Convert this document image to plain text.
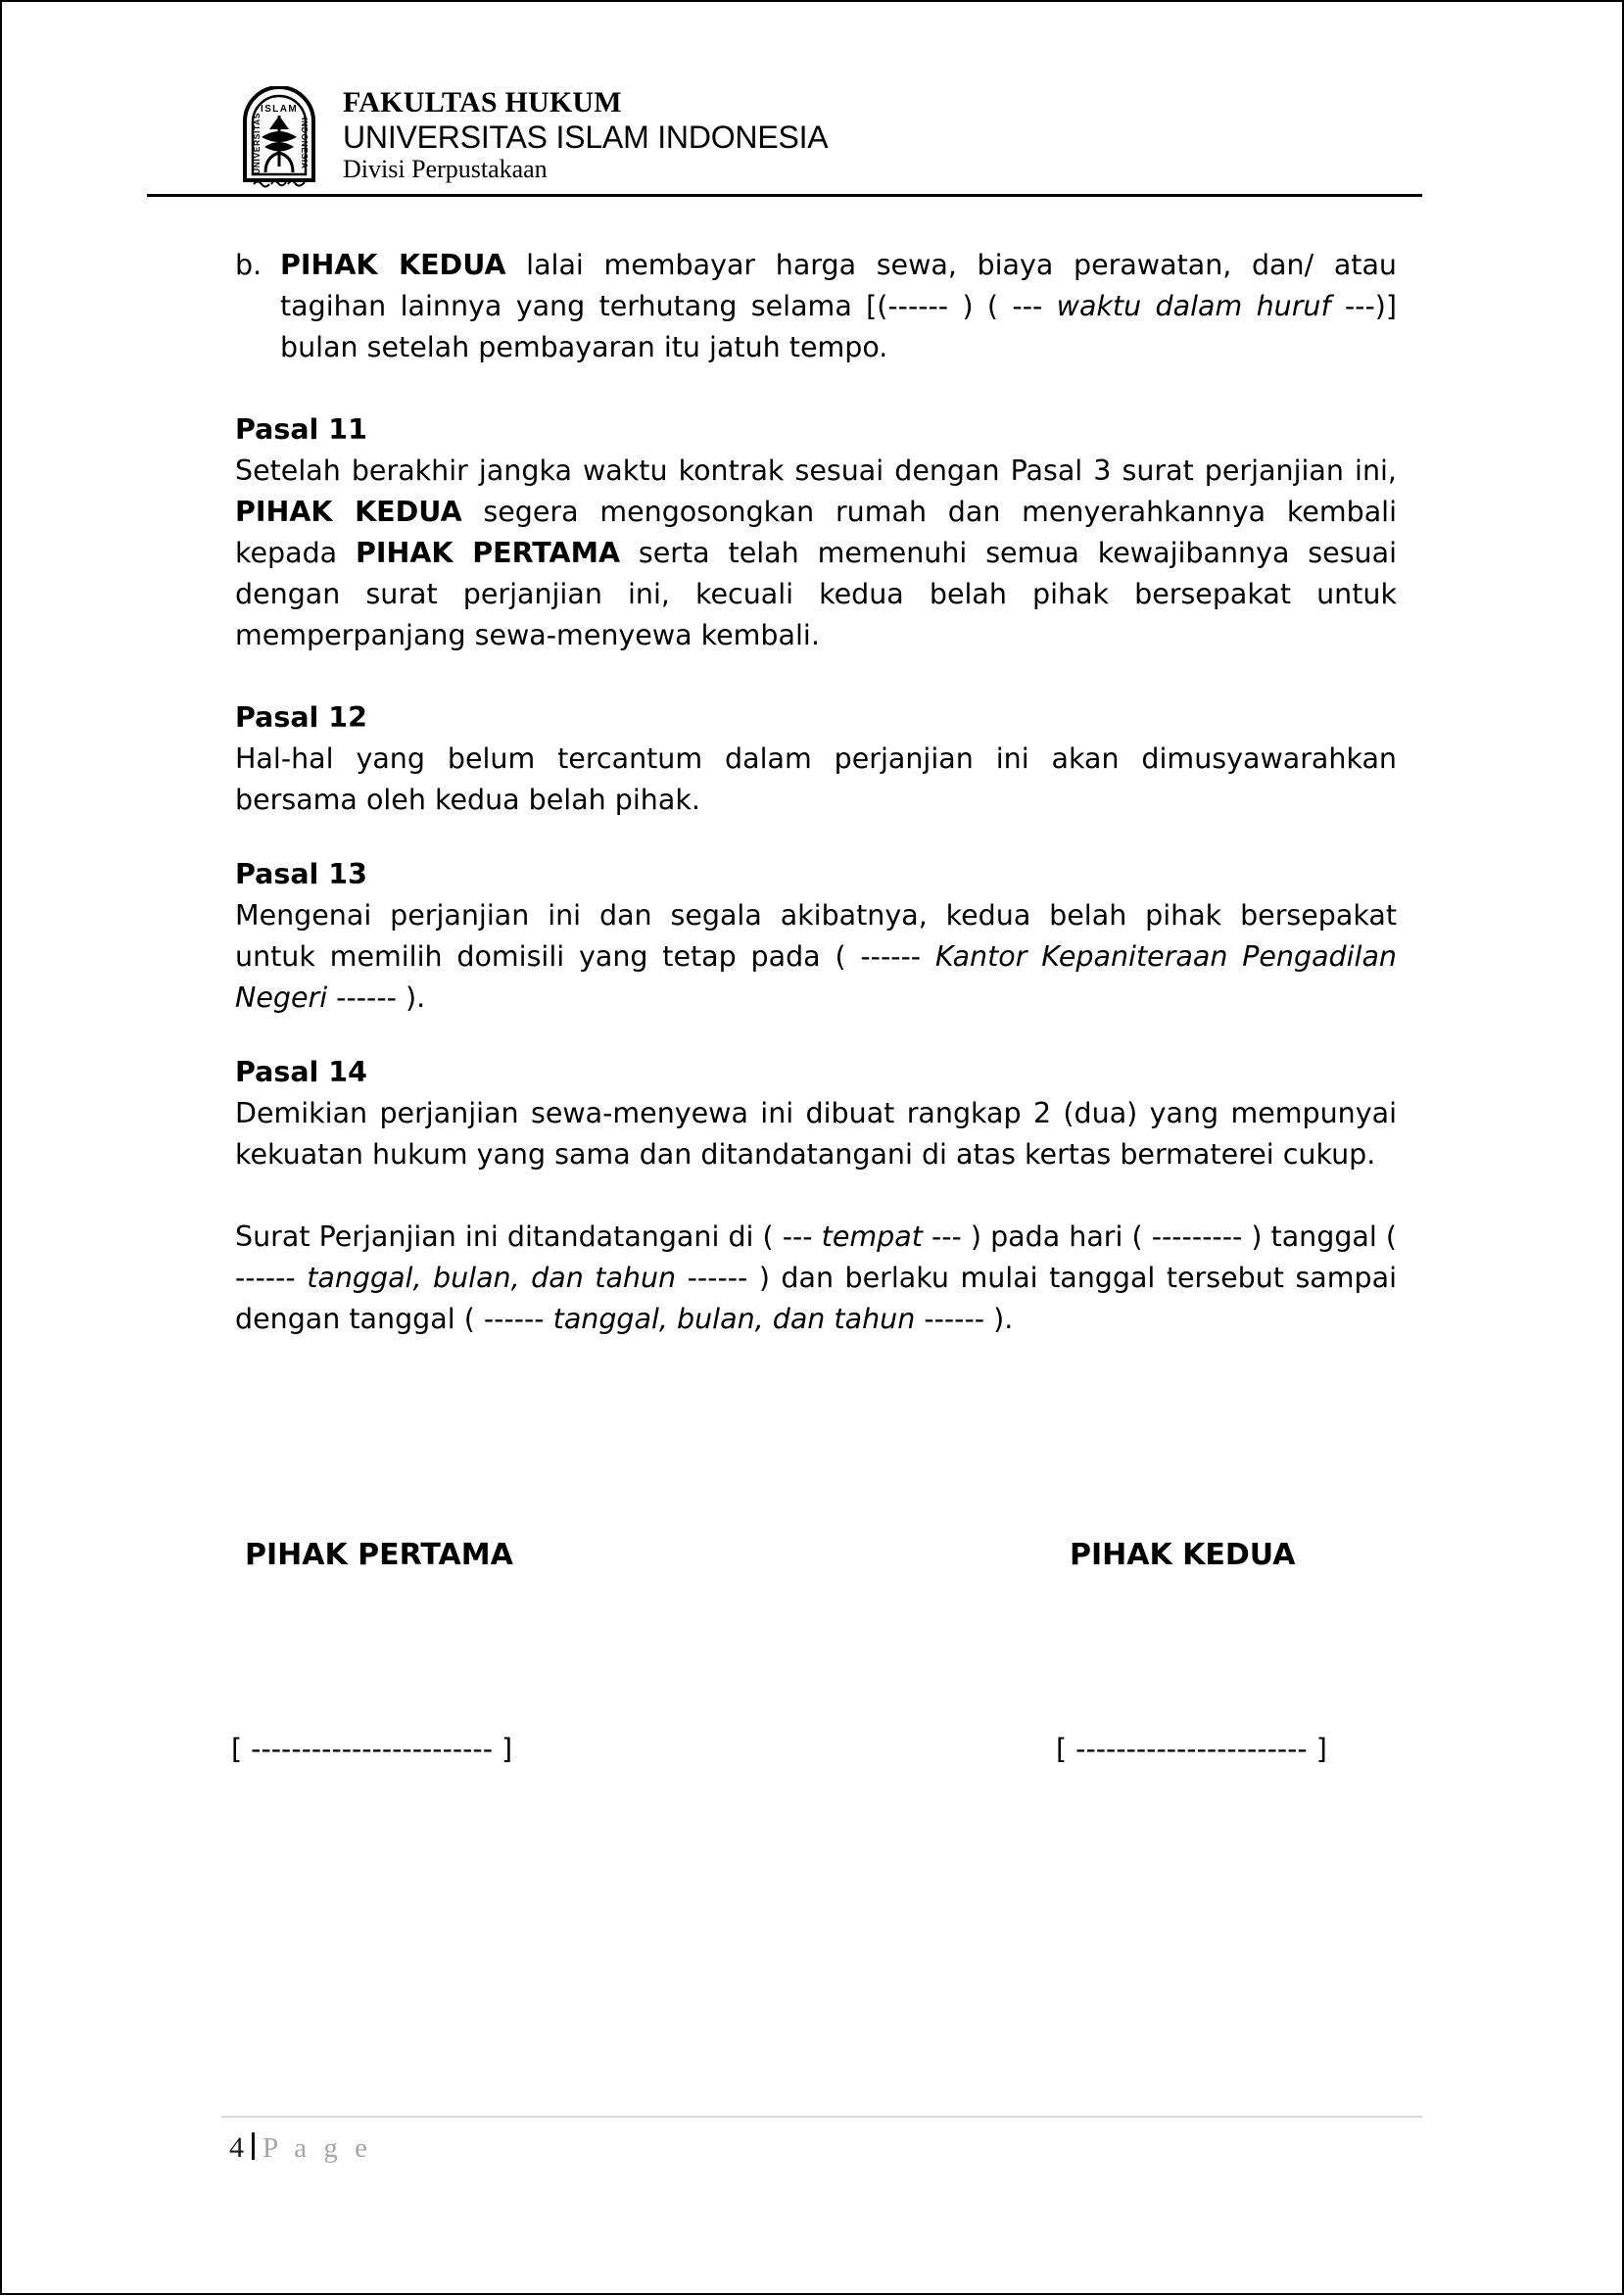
ISLAM
UNIVERSITAS	INDONESIA
FAKULTAS HUKUM
UNIVERSITAS ISLAM INDONESIA
Divisi Perpustakaan
b. PIHAK KEDUA lalai membayar harga sewa, biaya perawatan, dan/ atau tagihan lainnya yang terhutang selama [(------ ) ( --- waktu dalam huruf ---)] bulan setelah pembayaran itu jatuh tempo.

Pasal 11

Setelah berakhir jangka waktu kontrak sesuai dengan Pasal 3 surat perjanjian ini, PIHAK KEDUA segera mengosongkan rumah dan menyerahkannya kembali kepada PIHAK PERTAMA serta telah memenuhi semua kewajibannya sesuai dengan surat perjanjian ini, kecuali kedua belah pihak bersepakat untuk memperpanjang sewa-menyewa kembali.

Pasal 12

Hal-hal yang belum tercantum dalam perjanjian ini akan dimusyawarahkan bersama oleh kedua belah pihak.

Pasal 13

Mengenai perjanjian ini dan segala akibatnya, kedua belah pihak bersepakat untuk memilih domisili yang tetap pada ( ------ Kantor Kepaniteraan Pengadilan Negeri ------ ).

Pasal 14

Demikian perjanjian sewa-menyewa ini dibuat rangkap 2 (dua) yang mempunyai kekuatan hukum yang sama dan ditandatangani di atas kertas bermaterei cukup.

Surat Perjanjian ini ditandatangani di ( --- tempat --- ) pada hari ( --------- ) tanggal ( ------ tanggal, bulan, dan tahun ------ ) dan berlaku mulai tanggal tersebut sampai dengan tanggal ( ------ tanggal, bulan, dan tahun ------ ).

PIHAK PERTAMA	PIHAK KEDUA
[ ------------------------ ]	[ ----------------------- ]
4 P a g e
